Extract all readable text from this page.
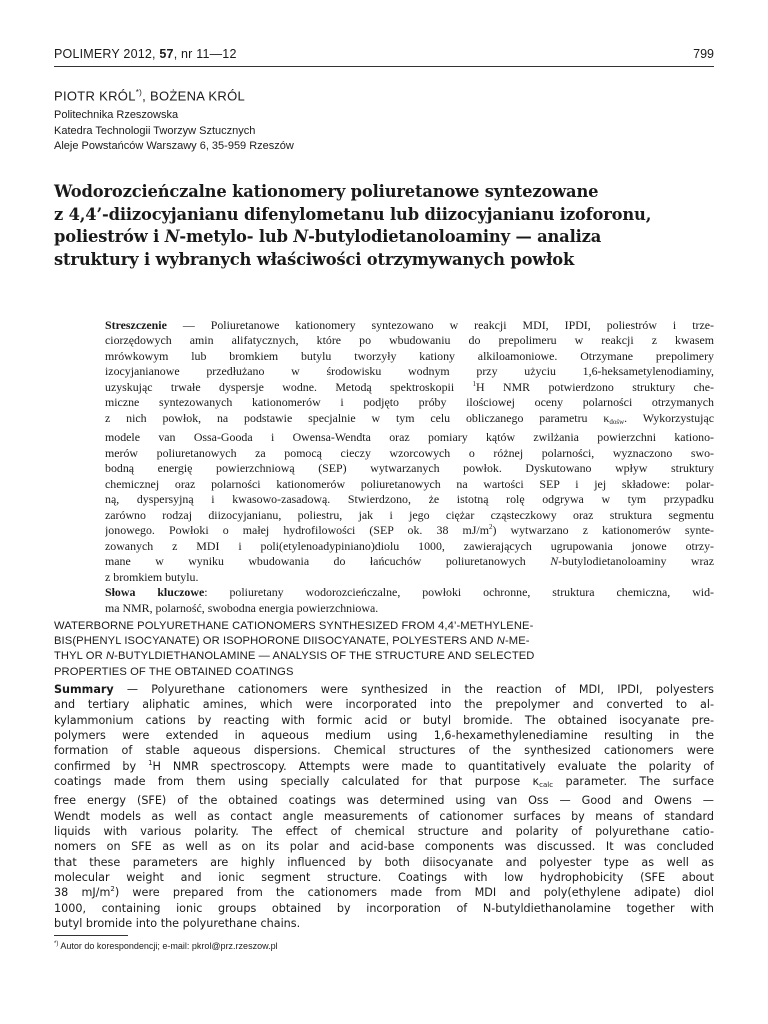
POLIMERY 2012, 57, nr 11—12	799
PIOTR KRÓL*), BOŻENA KRÓL
Politechnika Rzeszowska
Katedra Technologii Tworzyw Sztucznych
Aleje Powstańców Warszawy 6, 35-959 Rzeszów
Wodorozcieńczalne kationomery poliuretanowe syntezowane
z 4,4’-diizocyjanianu difenylometanu lub diizocyjanianu izoforonu,
poliestrów i N-metylo- lub N-butylodietanoloaminy — analiza
struktury i wybranych właściwości otrzymywanych powłok
Streszczenie — Poliuretanowe kationomery syntezowano w reakcji MDI, IPDI, poliestrów i trze-
ciorzędowych amin alifatycznych, które po wbudowaniu do prepolimeru w reakcji z kwasem
mrówkowym lub bromkiem butylu tworzyły kationy alkiloamoniowe. Otrzymane prepolimery
izocyjanianowe przedłużano w środowisku wodnym przy użyciu 1,6-heksametylenodiaminy,
uzyskując trwałe dyspersje wodne. Metodą spektroskopii $^1$H NMR potwierdzono struktury che-
miczne syntezowanych kationomerów i podjęto próby ilościowej oceny polarności otrzymanych
z nich powłok, na podstawie specjalnie w tym celu obliczanego parametru $\kappa_{dośw}$. Wykorzystując
modele van Ossa-Gooda i Owensa-Wendta oraz pomiary kątów zwilżania powierzchni kationo-
merów poliuretanowych za pomocą cieczy wzorcowych o różnej polarności, wyznaczono swo-
bodną energię powierzchniową (SEP) wytwarzanych powłok. Dyskutowano wpływ struktury
chemicznej oraz polarności kationomerów poliuretanowych na wartości SEP i jej składowe: polar-
ną, dyspersyjną i kwasowo-zasadową. Stwierdzono, że istotną rolę odgrywa w tym przypadku
zarówno rodzaj diizocyjanianu, poliestru, jak i jego ciężar cząsteczkowy oraz struktura segmentu
jonowego. Powłoki o małej hydrofilowości (SEP ok. 38 $mJ/m^2$) wytwarzano z kationomerów synte-
zowanych z MDI i poli(etylenoadypiniano)diolu 1000, zawierających ugrupowania jonowe otrzy-
mane w wyniku wbudowania do łańcuchów poliuretanowych N-butylodietanoloaminy wraz
z bromkiem butylu.
Słowa kluczowe: poliuretany wodorozcieńczalne, powłoki ochronne, struktura chemiczna, wid-
ma NMR, polarność, swobodna energia powierzchniowa.
WATERBORNE POLYURETHANE CATIONOMERS SYNTHESIZED FROM 4,4’-METHYLENE-
BIS(PHENYL ISOCYANATE) OR ISOPHORONE DIISOCYANATE, POLYESTERS AND N-ME-
THYL OR N-BUTYLDIETHANOLAMINE — ANALYSIS OF THE STRUCTURE AND SELECTED
PROPERTIES OF THE OBTAINED COATINGS
Summary — Polyurethane cationomers were synthesized in the reaction of MDI, IPDI, polyesters
and tertiary aliphatic amines, which were incorporated into the prepolymer and converted to al-
kylammonium cations by reacting with formic acid or butyl bromide. The obtained isocyanate pre-
polymers were extended in aqueous medium using 1,6-hexamethylenediamine resulting in the
formation of stable aqueous dispersions. Chemical structures of the synthesized cationomers were
confirmed by $^1$H NMR spectroscopy. Attempts were made to quantitatively evaluate the polarity of
coatings made from them using specially calculated for that purpose $\kappa_{calc}$ parameter. The surface
free energy (SFE) of the obtained coatings was determined using van Oss — Good and Owens —
Wendt models as well as contact angle measurements of cationomer surfaces by means of standard
liquids with various polarity. The effect of chemical structure and polarity of polyurethane catio-
nomers on SFE as well as on its polar and acid-base components was discussed. It was concluded
that these parameters are highly influenced by both diisocyanate and polyester type as well as
molecular weight and ionic segment structure. Coatings with low hydrophobicity (SFE about
38 $mJ/m^2$) were prepared from the cationomers made from MDI and poly(ethylene adipate) diol
1000, containing ionic groups obtained by incorporation of N-butyldiethanolamine together with
butyl bromide into the polyurethane chains.
*) Autor do korespondencji; e-mail: pkrol@prz.rzeszow.pl
